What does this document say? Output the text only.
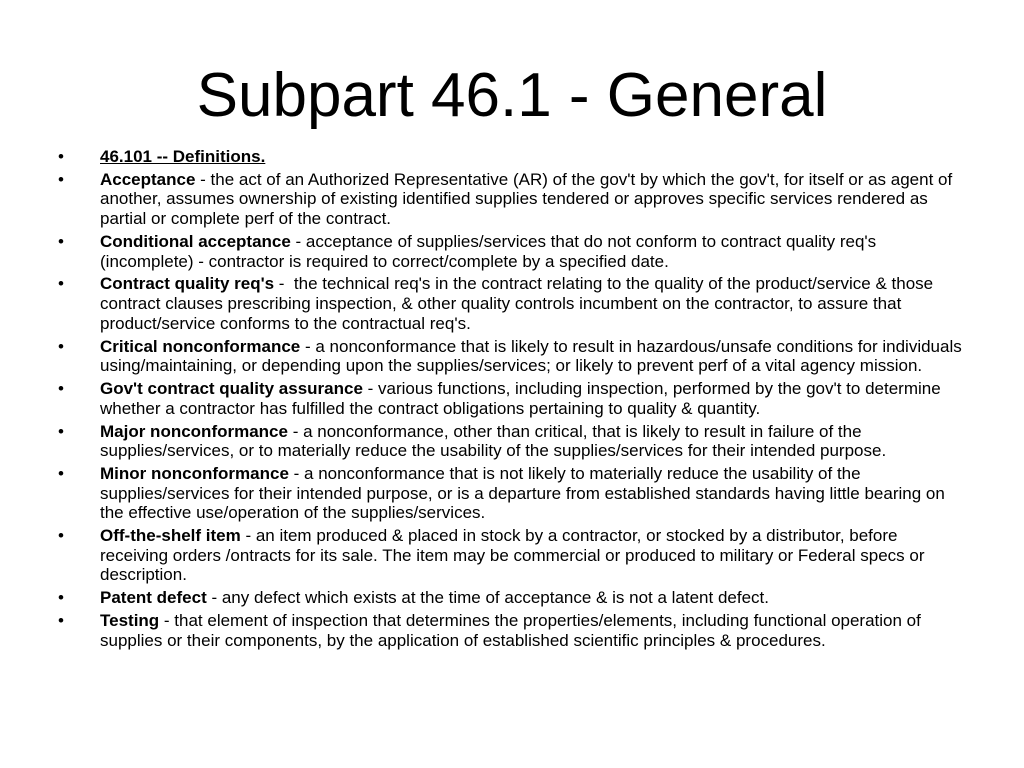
Subpart 46.1 - General
•	46.101 -- Definitions.
•	Acceptance - the act of an Authorized Representative (AR) of the gov't by which the gov't, for itself or as agent of another, assumes ownership of existing identified supplies tendered or approves specific services rendered as partial or complete perf of the contract.
•	Conditional acceptance - acceptance of supplies/services that do not conform to contract quality req's (incomplete) - contractor is required to correct/complete by a specified date.
•	Contract quality req's -  the technical req's in the contract relating to the quality of the product/service & those contract clauses prescribing inspection, & other quality controls incumbent on the contractor, to assure that product/service conforms to the contractual req's.
•	Critical nonconformance - a nonconformance that is likely to result in hazardous/unsafe conditions for individuals using/maintaining, or depending upon the supplies/services; or likely to prevent perf of a vital agency mission.
•	Gov't contract quality assurance - various functions, including inspection, performed by the gov't to determine whether a contractor has fulfilled the contract obligations pertaining to quality & quantity.
•	Major nonconformance - a nonconformance, other than critical, that is likely to result in failure of the supplies/services, or to materially reduce the usability of the supplies/services for their intended purpose.
•	Minor nonconformance - a nonconformance that is not likely to materially reduce the usability of the supplies/services for their intended purpose, or is a departure from established standards having little bearing on the effective use/operation of the supplies/services.
•	Off-the-shelf item - an item produced & placed in stock by a contractor, or stocked by a distributor, before receiving orders /ontracts for its sale. The item may be commercial or produced to military or Federal specs or description.
•	Patent defect - any defect which exists at the time of acceptance & is not a latent defect.
•	Testing - that element of inspection that determines the properties/elements, including functional operation of supplies or their components, by the application of established scientific principles & procedures.
